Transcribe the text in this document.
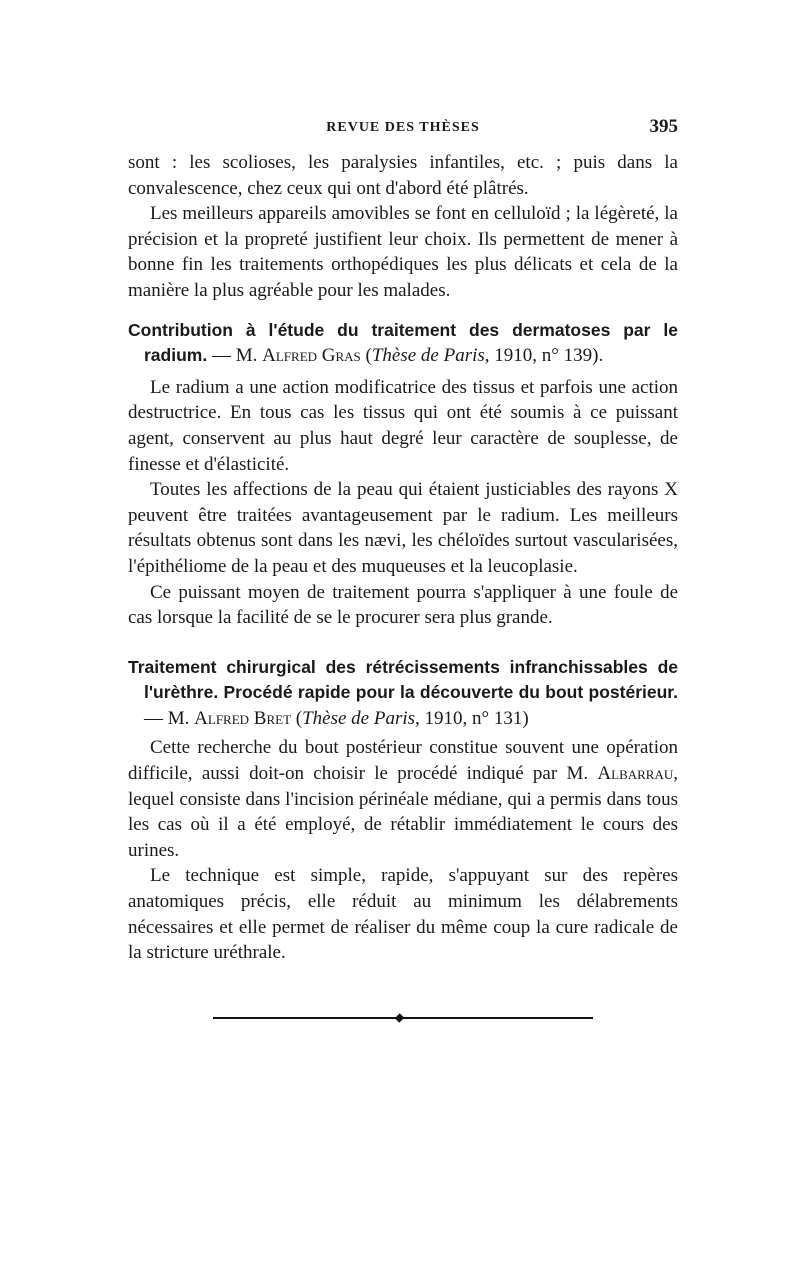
REVUE DES THÈSES	395

sont : les scolioses, les paralysies infantiles, etc. ; puis dans la convalescence, chez ceux qui ont d'abord été plâtrés.

Les meilleurs appareils amovibles se font en celluloïd ; la légèreté, la précision et la propreté justifient leur choix. Ils permettent de mener à bonne fin les traitements orthopédiques les plus délicats et cela de la manière la plus agréable pour les malades.

Contribution à l'étude du traitement des dermatoses par le radium. — M. Alfred Gras (Thèse de Paris, 1910, n° 139).

Le radium a une action modificatrice des tissus et parfois une action destructrice. En tous cas les tissus qui ont été soumis à ce puissant agent, conservent au plus haut degré leur caractère de souplesse, de finesse et d'élasticité.

Toutes les affections de la peau qui étaient justiciables des rayons X peuvent être traitées avantageusement par le radium. Les meilleurs résultats obtenus sont dans les nævi, les chéloïdes surtout vascularisées, l'épithéliome de la peau et des muqueuses et la leucoplasie.

Ce puissant moyen de traitement pourra s'appliquer à une foule de cas lorsque la facilité de se le procurer sera plus grande.

Traitement chirurgical des rétrécissements infranchissables de l'urèthre. Procédé rapide pour la découverte du bout postérieur. — M. Alfred Bret (Thèse de Paris, 1910, n° 131)

Cette recherche du bout postérieur constitue souvent une opération difficile, aussi doit-on choisir le procédé indiqué par M. Albarrau, lequel consiste dans l'incision périnéale médiane, qui a permis dans tous les cas où il a été employé, de rétablir immédiatement le cours des urines.

Le technique est simple, rapide, s'appuyant sur des repères anatomiques précis, elle réduit au minimum les délabrements nécessaires et elle permet de réaliser du même coup la cure radicale de la stricture uréthrale.
